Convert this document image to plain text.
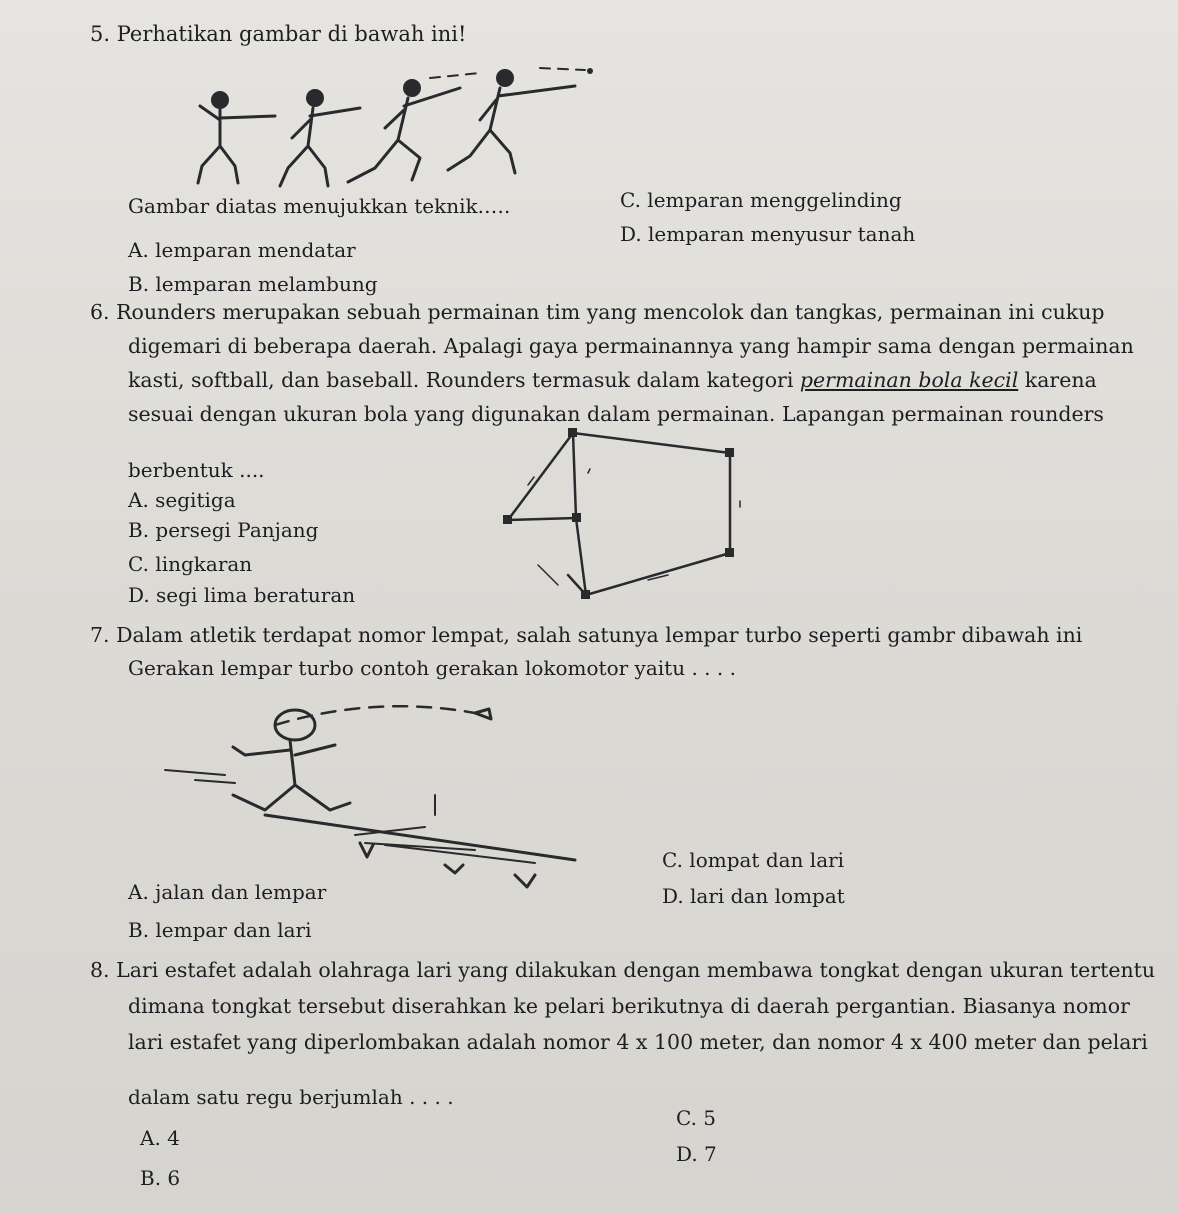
5. Perhatikan gambar di bawah ini!
Gambar diatas menujukkan teknik.….	C. lemparan menggelinding
A. lemparan mendatar
D. lemparan menyusur tanah
B. lemparan melambung
6. Rounders merupakan sebuah permainan tim yang mencolok dan tangkas, permainan ini cukup
digemari di beberapa daerah. Apalagi gaya permainannya yang hampir sama dengan permainan
kasti, softball, dan baseball. Rounders termasuk dalam kategori permainan bola kecil karena
sesuai dengan ukuran bola yang digunakan dalam permainan. Lapangan permainan rounders
berbentuk ....
A. segitiga
B. persegi Panjang
C. lingkaran
D. segi lima beraturan
7. Dalam atletik terdapat nomor lempat, salah satunya lempar turbo seperti gambr dibawah ini
Gerakan lempar turbo contoh gerakan lokomotor yaitu . . . .
C. lompat dan lari
A. jalan dan lempar	D. lari dan lompat
B. lempar dan lari
8. Lari estafet adalah olahraga lari yang dilakukan dengan membawa tongkat dengan ukuran tertentu
dimana tongkat tersebut diserahkan ke pelari berikutnya di daerah pergantian. Biasanya nomor
lari estafet yang diperlombakan adalah nomor 4 x 100 meter, dan nomor 4 x 400 meter dan pelari
dalam satu regu berjumlah . . . .
C. 5
A. 4
D. 7
B. 6
